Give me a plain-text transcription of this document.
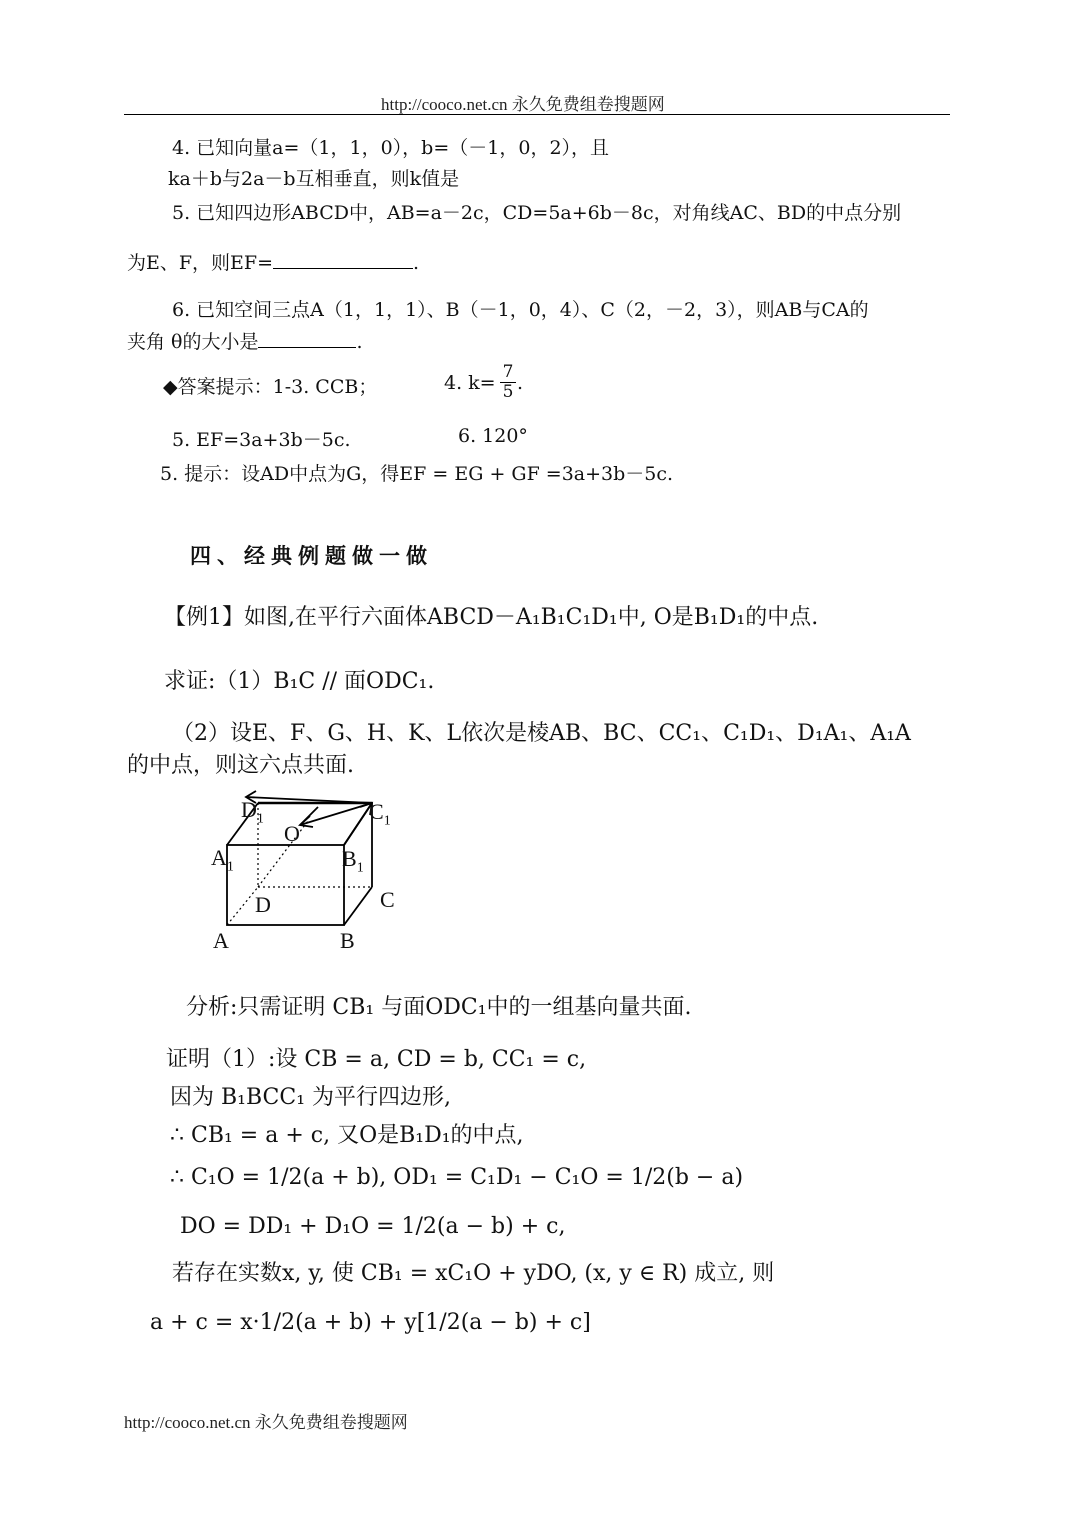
http://cooco.net.cn 永久免费组卷搜题网
4. 已知向量a=（1，1，0），b=（－1，0，2），且
ka＋b与2a－b互相垂直，则k值是
5. 已知四边形ABCD中，AB=a－2c，CD=5a+6b－8c，对角线AC、BD的中点分别
为E、F，则EF=	.
6. 已知空间三点A（1，1，1）、B（－1，0，4）、C（2，－2，3），则AB与CA的
夹角 θ的大小是	.
◆答案提示：1-3. CCB；	4. $k= \frac{7}{5}$ .
5. EF=3a+3b－5c.	6. 120°
5. 提示：设AD中点为G，得EF = EG + GF =3a+3b－5c.
四、经典例题做一做
【例1】如图,在平行六面体ABCD－A₁B₁C₁D₁中, O是B₁D₁的中点.
求证:（1）B₁C // 面ODC₁.
（2）设E、F、G、H、K、L依次是棱AB、BC、CC₁、C₁D₁、D₁A₁、A₁A
的中点，则这六点共面.
$D_1$	$C_1$
O
$A_1$	$B_1$
D	C
A	B
分析:只需证明 CB₁ 与面ODC₁中的一组基向量共面.
证明（1）:设 CB = a, CD = b, CC₁ = c,
因为 B₁BCC₁ 为平行四边形,
∴ CB₁ = a + c, 又O是B₁D₁的中点,
∴ C₁O = 1/2(a + b), OD₁ = C₁D₁ − C₁O = 1/2(b − a)
DO = DD₁ + D₁O = 1/2(a − b) + c,
若存在实数x, y, 使 CB₁ = xC₁O + yDO, (x, y ∈ R) 成立, 则
a + c = x·1/2(a + b) + y[1/2(a − b) + c]
http://cooco.net.cn 永久免费组卷搜题网
